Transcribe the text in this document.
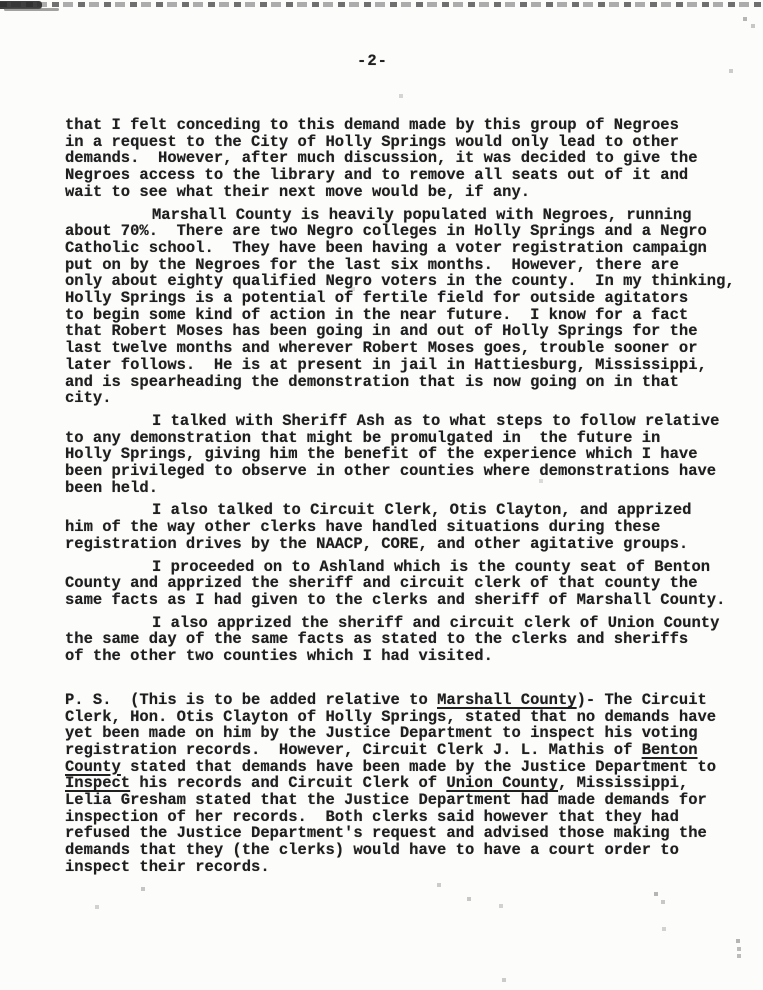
-2-
that I felt conceding to this demand made by this group of Negroes
in a request to the City of Holly Springs would only lead to other
demands.  However, after much discussion, it was decided to give the
Negroes access to the library and to remove all seats out of it and
wait to see what their next move would be, if any.
Marshall County is heavily populated with Negroes, running
about 70%.  There are two Negro colleges in Holly Springs and a Negro
Catholic school.  They have been having a voter registration campaign
put on by the Negroes for the last six months.  However, there are
only about eighty qualified Negro voters in the county.  In my thinking,
Holly Springs is a potential of fertile field for outside agitators
to begin some kind of action in the near future.  I know for a fact
that Robert Moses has been going in and out of Holly Springs for the
last twelve months and wherever Robert Moses goes, trouble sooner or
later follows.  He is at present in jail in Hattiesburg, Mississippi,
and is spearheading the demonstration that is now going on in that
city.
I talked with Sheriff Ash as to what steps to follow relative
to any demonstration that might be promulgated in  the future in
Holly Springs, giving him the benefit of the experience which I have
been privileged to observe in other counties where demonstrations have
been held.
I also talked to Circuit Clerk, Otis Clayton, and apprized
him of the way other clerks have handled situations during these
registration drives by the NAACP, CORE, and other agitative groups.
I proceeded on to Ashland which is the county seat of Benton
County and apprized the sheriff and circuit clerk of that county the
same facts as I had given to the clerks and sheriff of Marshall County.
I also apprized the sheriff and circuit clerk of Union County
the same day of the same facts as stated to the clerks and sheriffs
of the other two counties which I had visited.
P. S.  (This is to be added relative to Marshall County)- The Circuit
Clerk, Hon. Otis Clayton of Holly Springs, stated that no demands have
yet been made on him by the Justice Department to inspect his voting
registration records.  However, Circuit Clerk J. L. Mathis of Benton
County stated that demands have been made by the Justice Department to
Inspect his records and Circuit Clerk of Union County, Mississippi,
Lelia Gresham stated that the Justice Department had made demands for
inspection of her records.  Both clerks said however that they had
refused the Justice Department's request and advised those making the
demands that they (the clerks) would have to have a court order to
inspect their records.
